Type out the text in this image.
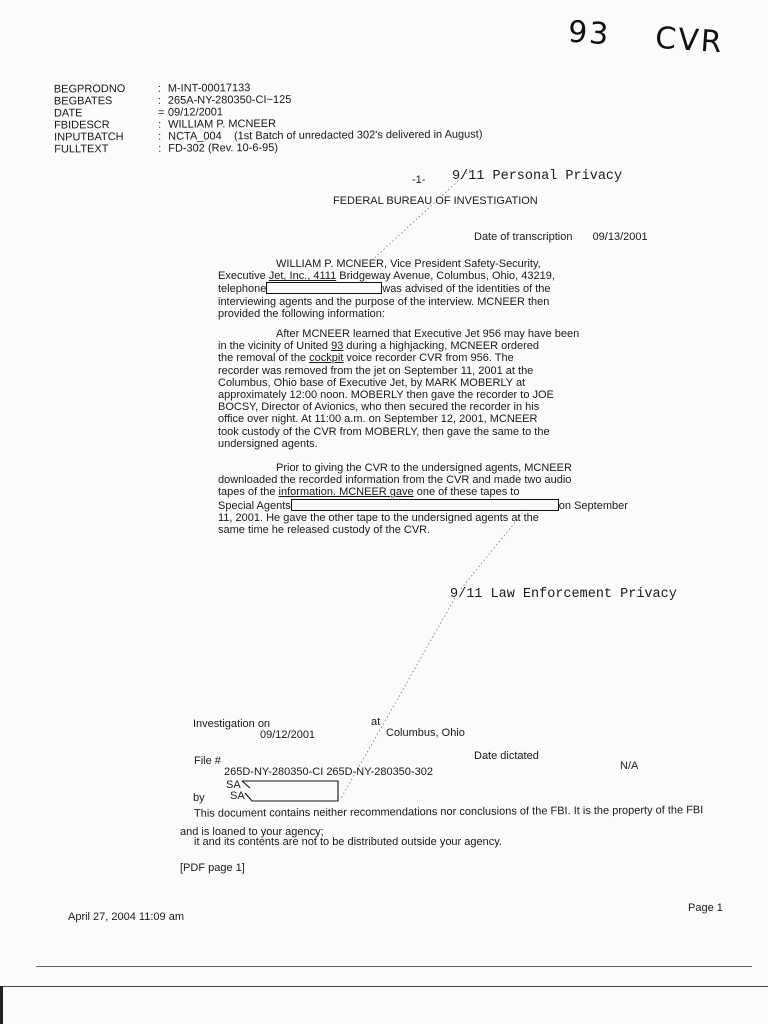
93 CVR
BEGPRODNO	: M-INT-00017133
BEGBATES	: 265A-NY-280350-CI~125
DATE	= 09/12/2001
FBIDESCR	: WILLIAM P. MCNEER
INPUTBATCH	: NCTA_004    (1st Batch of unredacted 302's delivered in August)
FULLTEXT	: FD-302 (Rev. 10-6-95)
-1- 9/11 Personal Privacy
FEDERAL BUREAU OF INVESTIGATION
Date of transcription 09/13/2001
WILLIAM P. MCNEER, Vice President Safety-Security,
Executive Jet, Inc., 4111 Bridgeway Avenue, Columbus, Ohio, 43219,
telephone	was advised of the identities of the
interviewing agents and the purpose of the interview. MCNEER then
provided the following information:
After MCNEER learned that Executive Jet 956 may have been
in the vicinity of United 93 during a highjacking, MCNEER ordered
the removal of the cockpit voice recorder CVR from 956. The
recorder was removed from the jet on September 11, 2001 at the
Columbus, Ohio base of Executive Jet, by MARK MOBERLY at
approximately 12:00 noon. MOBERLY then gave the recorder to JOE
BOCSY, Director of Avionics, who then secured the recorder in his
office over night. At 11:00 a.m. on September 12, 2001, MCNEER
took custody of the CVR from MOBERLY, then gave the same to the
undersigned agents.
Prior to giving the CVR to the undersigned agents, MCNEER
downloaded the recorded information from the CVR and made two audio
tapes of the information. MCNEER gave one of these tapes to
Special Agents	on September
11, 2001. He gave the other tape to the undersigned agents at the
same time he released custody of the CVR.
9/11 Law Enforcement Privacy
Investigation on
09/12/2001
at
Columbus, Ohio
File #
265D-NY-280350-CI 265D-NY-280350-302
Date dictated
N/A
SA
by SA
This document contains neither recommendations nor conclusions of the FBI. It is the property of the FBI
and is loaned to your agency;
it and its contents are not to be distributed outside your agency.
[PDF page 1]
April 27, 2004 11:09 am
Page 1
